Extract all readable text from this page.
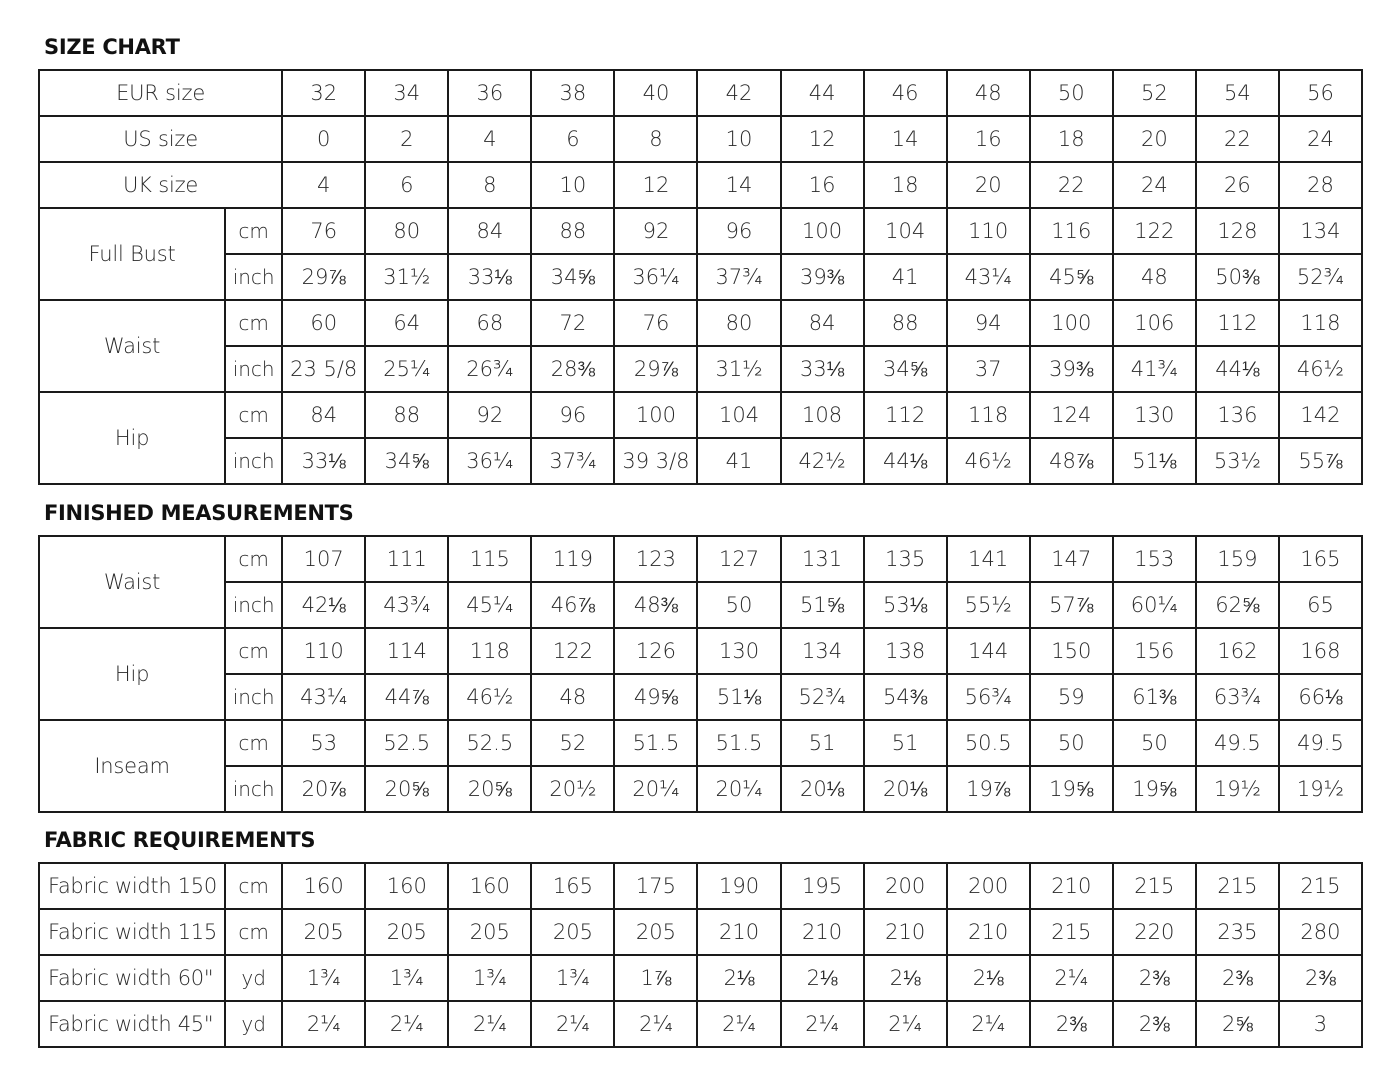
SIZE CHART
EUR size		32	34	36	38	40	42	44	46	48	50	52	54	56
US size		0	2	4	6	8	10	12	14	16	18	20	22	24
UK size		4	6	8	10	12	14	16	18	20	22	24	26	28
Full Bust	cm	76	80	84	88	92	96	100	104	110	116	122	128	134
	inch	29⅞	31½	33⅛	34⅝	36¼	37¾	39⅜	41	43¼	45⅝	48	50⅜	52¾
Waist	cm	60	64	68	72	76	80	84	88	94	100	106	112	118
	inch	23 5/8	25¼	26¾	28⅜	29⅞	31½	33⅛	34⅝	37	39⅜	41¾	44⅛	46½
Hip	cm	84	88	92	96	100	104	108	112	118	124	130	136	142
	inch	33⅛	34⅝	36¼	37¾	39 3/8	41	42½	44⅛	46½	48⅞	51⅛	53½	55⅞
FINISHED MEASUREMENTS
Waist	cm	107	111	115	119	123	127	131	135	141	147	153	159	165
	inch	42⅛	43¾	45¼	46⅞	48⅜	50	51⅝	53⅛	55½	57⅞	60¼	62⅝	65
Hip	cm	110	114	118	122	126	130	134	138	144	150	156	162	168
	inch	43¼	44⅞	46½	48	49⅝	51⅛	52¾	54⅜	56¾	59	61⅜	63¾	66⅛
Inseam	cm	53	52.5	52.5	52	51.5	51.5	51	51	50.5	50	50	49.5	49.5
	inch	20⅞	20⅝	20⅝	20½	20¼	20¼	20⅛	20⅛	19⅞	19⅝	19⅝	19½	19½
FABRIC REQUIREMENTS
Fabric width 150	cm	160	160	160	165	175	190	195	200	200	210	215	215	215
Fabric width 115	cm	205	205	205	205	205	210	210	210	210	215	220	235	280
Fabric width 60"	yd	1¾	1¾	1¾	1¾	1⅞	2⅛	2⅛	2⅛	2⅛	2¼	2⅜	2⅜	2⅜
Fabric width 45"	yd	2¼	2¼	2¼	2¼	2¼	2¼	2¼	2¼	2¼	2⅜	2⅜	2⅝	3
